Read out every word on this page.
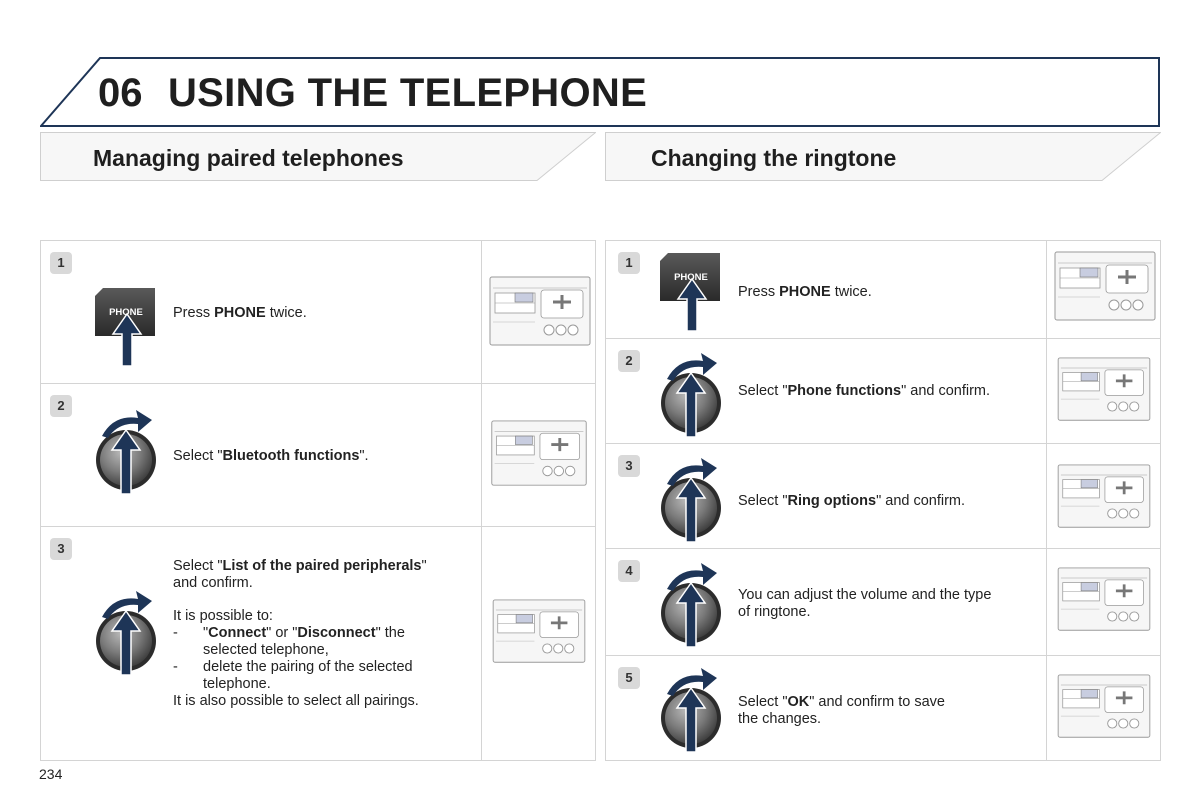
06 USING THE TELEPHONE
Managing paired telephones	Changing the ringtone
1
PHONE Press PHONE twice.
2
Select "Bluetooth functions".
3

Select "List of the paired peripherals"

and confirm.

It is possible to:

-	"Connect" or "Disconnect" the

selected telephone,

-	delete the pairing of the selected

telephone.

It is also possible to select all pairings.

1
PHONE
Press PHONE twice.
2
Select "Phone functions" and confirm.
3
Select "Ring options" and confirm.
4

You can adjust the volume and the type

of ringtone.

5

Select "OK" and confirm to save

the changes.

234
